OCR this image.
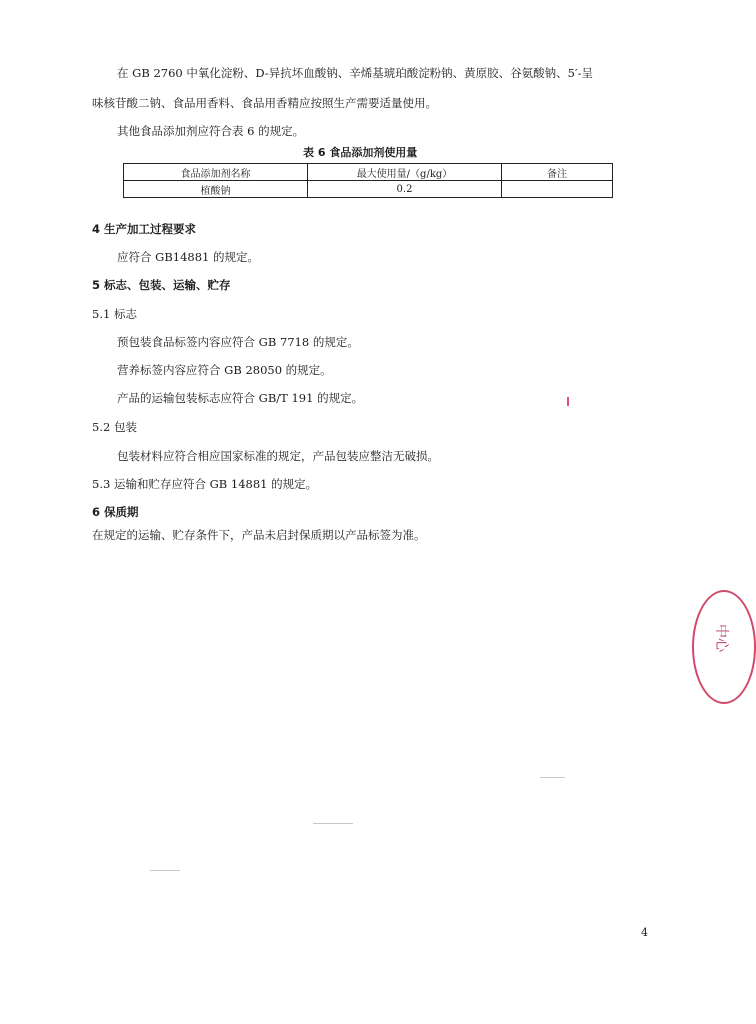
在 GB 2760 中氧化淀粉、D-异抗坏血酸钠、辛烯基琥珀酸淀粉钠、黄原胶、谷氨酸钠、5′-呈
味核苷酸二钠、食品用香料、食品用香精应按照生产需要适量使用。
其他食品添加剂应符合表 6 的规定。
表 6 食品添加剂使用量
食品添加剂名称	最大使用量/（g/kg）	备注
植酸钠	0.2	
4 生产加工过程要求
应符合 GB14881 的规定。
5 标志、包装、运输、贮存
5.1 标志
预包装食品标签内容应符合 GB 7718 的规定。
营养标签内容应符合 GB 28050 的规定。
产品的运输包装标志应符合 GB/T 191 的规定。
5.2 包装
包装材料应符合相应国家标准的规定，产品包装应整洁无破损。
5.3 运输和贮存应符合 GB 14881 的规定。
6 保质期
在规定的运输、贮存条件下，产品未启封保质期以产品标签为准。
中心
4
